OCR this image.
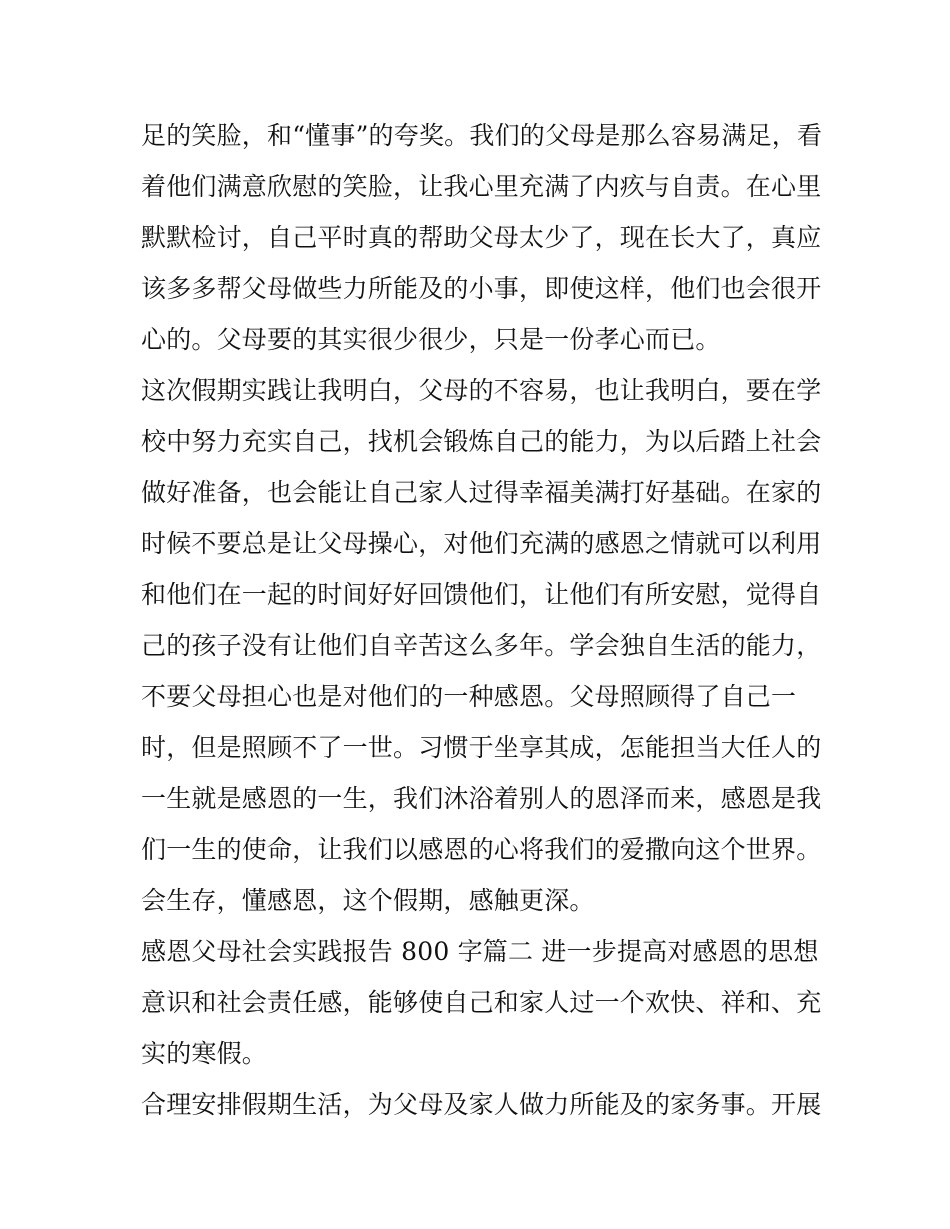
足的笑脸，和“懂事”的夸奖。我们的父母是那么容易满足，看
着他们满意欣慰的笑脸，让我心里充满了内疚与自责。在心里
默默检讨，自己平时真的帮助父母太少了，现在长大了，真应
该多多帮父母做些力所能及的小事，即使这样，他们也会很开
心的。父母要的其实很少很少，只是一份孝心而已。
这次假期实践让我明白，父母的不容易，也让我明白，要在学
校中努力充实自己，找机会锻炼自己的能力，为以后踏上社会
做好准备，也会能让自己家人过得幸福美满打好基础。在家的
时候不要总是让父母操心，对他们充满的感恩之情就可以利用
和他们在一起的时间好好回馈他们，让他们有所安慰，觉得自
己的孩子没有让他们自辛苦这么多年。学会独自生活的能力，
不要父母担心也是对他们的一种感恩。父母照顾得了自己一
时，但是照顾不了一世。习惯于坐享其成，怎能担当大任人的
一生就是感恩的一生，我们沐浴着别人的恩泽而来，感恩是我
们一生的使命，让我们以感恩的心将我们的爱撒向这个世界。
会生存，懂感恩，这个假期，感触更深。
感恩父母社会实践报告 800 字篇二 进一步提高对感恩的思想
意识和社会责任感，能够使自己和家人过一个欢快、祥和、充
实的寒假。
合理安排假期生活，为父母及家人做力所能及的家务事。开展
